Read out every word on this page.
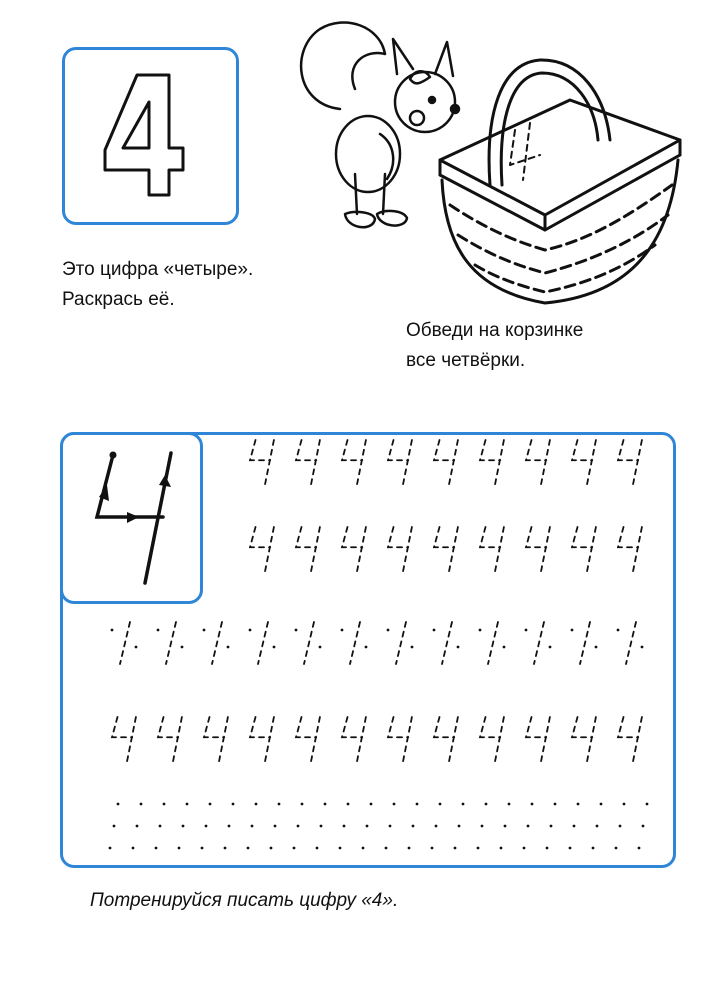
Это цифра «четыре».
Раскрась её.
Обведи на корзинке
все четвёрки.
Потренируйся писать цифру «4».
